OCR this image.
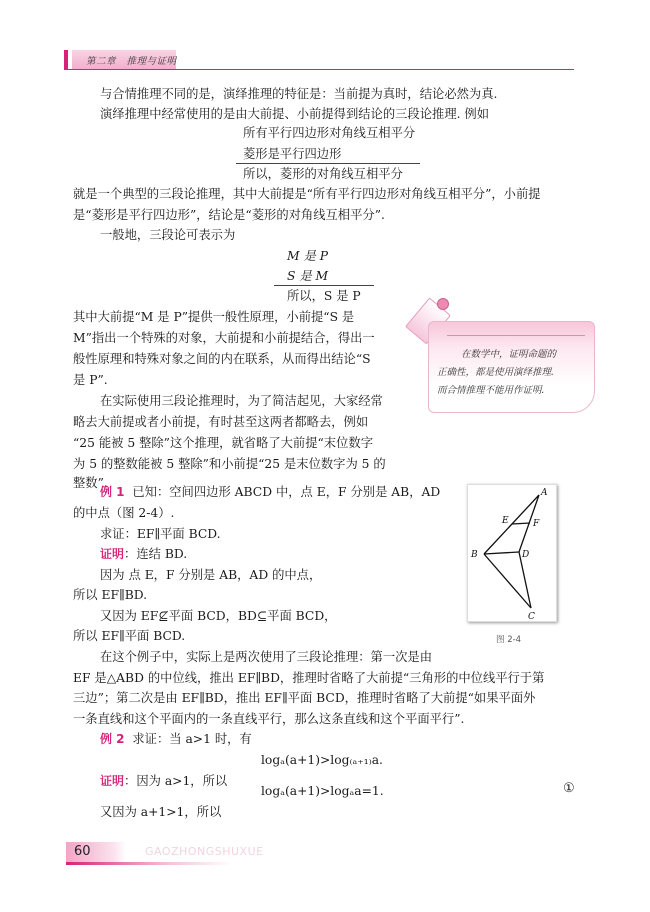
第二章   推理与证明
与合情推理不同的是，演绎推理的特征是：当前提为真时，结论必然为真.
演绎推理中经常使用的是由大前提、小前提得到结论的三段论推理. 例如
所有平行四边形对角线互相平分
菱形是平行四边形
所以，菱形的对角线互相平分
就是一个典型的三段论推理，其中大前提是“所有平行四边形对角线互相平分”，小前提
是“菱形是平行四边形”，结论是“菱形的对角线互相平分”.
一般地，三段论可表示为
M 是 P
S 是 M
所以，S 是 P
其中大前提“M 是 P”提供一般性原理，小前提“S 是
M”指出一个特殊的对象，大前提和小前提结合，得出一
般性原理和特殊对象之间的内在联系，从而得出结论“S
是 P”.
在实际使用三段论推理时，为了简洁起见，大家经常
略去大前提或者小前提，有时甚至这两者都略去，例如
“25 能被 5 整除”这个推理，就省略了大前提“末位数字
为 5 的整数能被 5 整除”和小前提“25 是末位数字为 5 的
整数”.
在数学中，证明命题的
正确性，都是使用演绎推理.
而合情推理不能用作证明.
例 1 已知：空间四边形 ABCD 中，点 E，F 分别是 AB，AD
的中点（图 2-4）.
求证：EF∥平面 BCD.
证明：连结 BD.
因为 点 E，F 分别是 AB，AD 的中点，
所以 EF∥BD.
又因为 EF⊈平面 BCD，BD⊆平面 BCD，
所以 EF∥平面 BCD.
A
B
C
D
E	F
图 2-4
在这个例子中，实际上是两次使用了三段论推理：第一次是由
EF 是△ABD 的中位线，推出 EF∥BD，推理时省略了大前提“三角形的中位线平行于第
三边”；第二次是由 EF∥BD，推出 EF∥平面 BCD，推理时省略了大前提“如果平面外
一条直线和这个平面内的一条直线平行，那么这条直线和这个平面平行”.
例 2 求证：当 a>1 时，有
logₐ(a+1)>log₍ₐ₊₁₎a.
证明：因为 a>1，所以
logₐ(a+1)>logₐa=1.	①
又因为 a+1>1，所以
60	GAOZHONGSHUXUE
